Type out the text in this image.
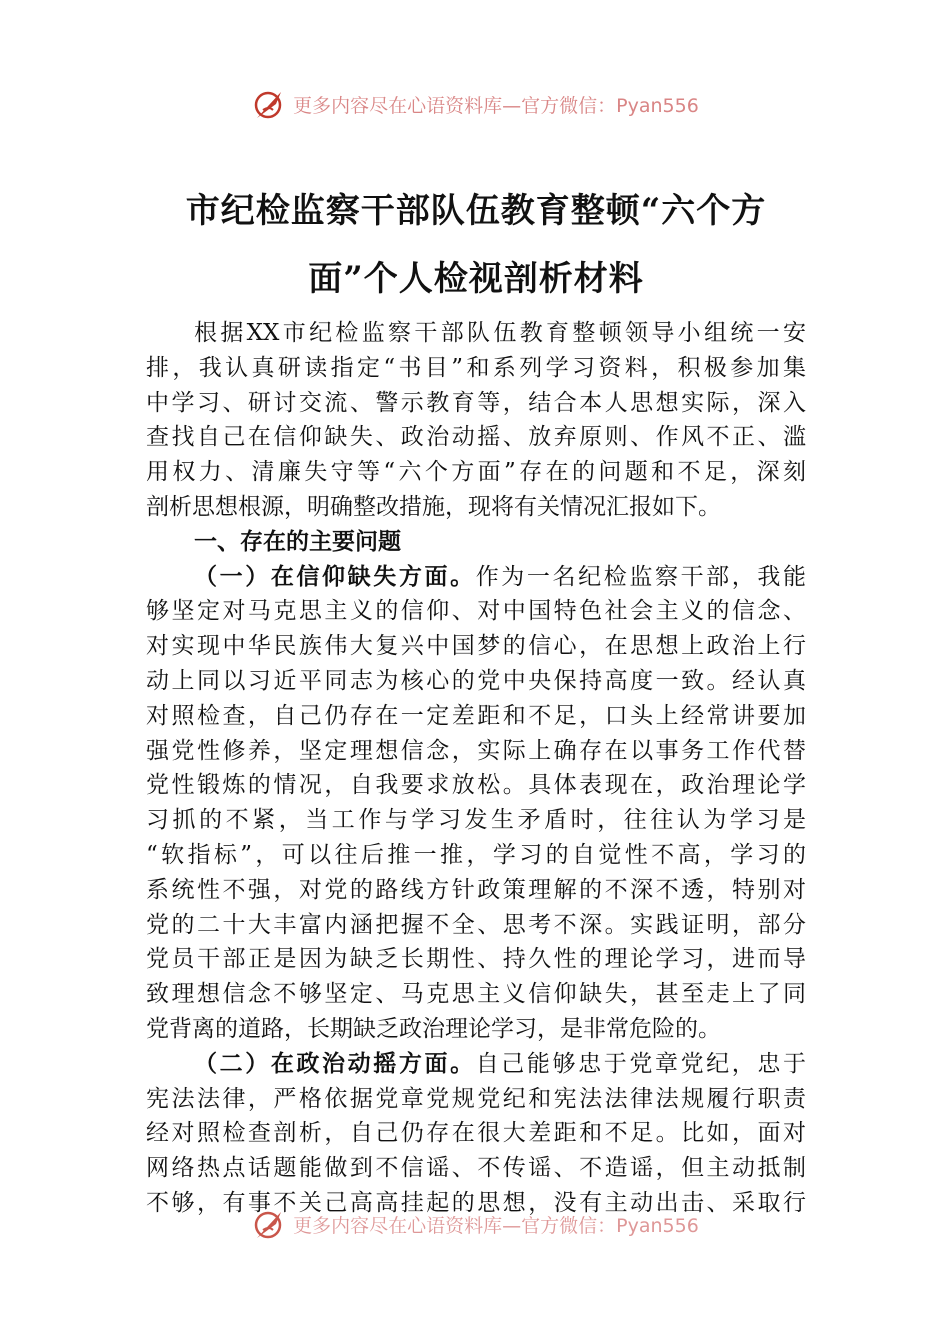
更多内容尽在心语资料库—官方微信：Pyan556
市纪检监察干部队伍教育整顿“六个方
面”个人检视剖析材料
根据XX市纪检监察干部队伍教育整顿领导小组统一安
排，我认真研读指定“书目”和系列学习资料，积极参加集
中学习、研讨交流、警示教育等，结合本人思想实际，深入
查找自己在信仰缺失、政治动摇、放弃原则、作风不正、滥
用权力、清廉失守等“六个方面”存在的问题和不足，深刻
剖析思想根源，明确整改措施，现将有关情况汇报如下。
一、存在的主要问题
（一）在信仰缺失方面。作为一名纪检监察干部，我能
够坚定对马克思主义的信仰、对中国特色社会主义的信念、
对实现中华民族伟大复兴中国梦的信心，在思想上政治上行
动上同以习近平同志为核心的党中央保持高度一致。经认真
对照检查，自己仍存在一定差距和不足，口头上经常讲要加
强党性修养，坚定理想信念，实际上确存在以事务工作代替
党性锻炼的情况，自我要求放松。具体表现在，政治理论学
习抓的不紧，当工作与学习发生矛盾时，往往认为学习是
“软指标”，可以往后推一推，学习的自觉性不高，学习的
系统性不强，对党的路线方针政策理解的不深不透，特别对
党的二十大丰富内涵把握不全、思考不深。实践证明，部分
党员干部正是因为缺乏长期性、持久性的理论学习，进而导
致理想信念不够坚定、马克思主义信仰缺失，甚至走上了同
党背离的道路，长期缺乏政治理论学习，是非常危险的。
（二）在政治动摇方面。自己能够忠于党章党纪，忠于
宪法法律，严格依据党章党规党纪和宪法法律法规履行职责
经对照检查剖析，自己仍存在很大差距和不足。比如，面对
网络热点话题能做到不信谣、不传谣、不造谣，但主动抵制
不够，有事不关己高高挂起的思想，没有主动出击、采取行
更多内容尽在心语资料库—官方微信：Pyan556
